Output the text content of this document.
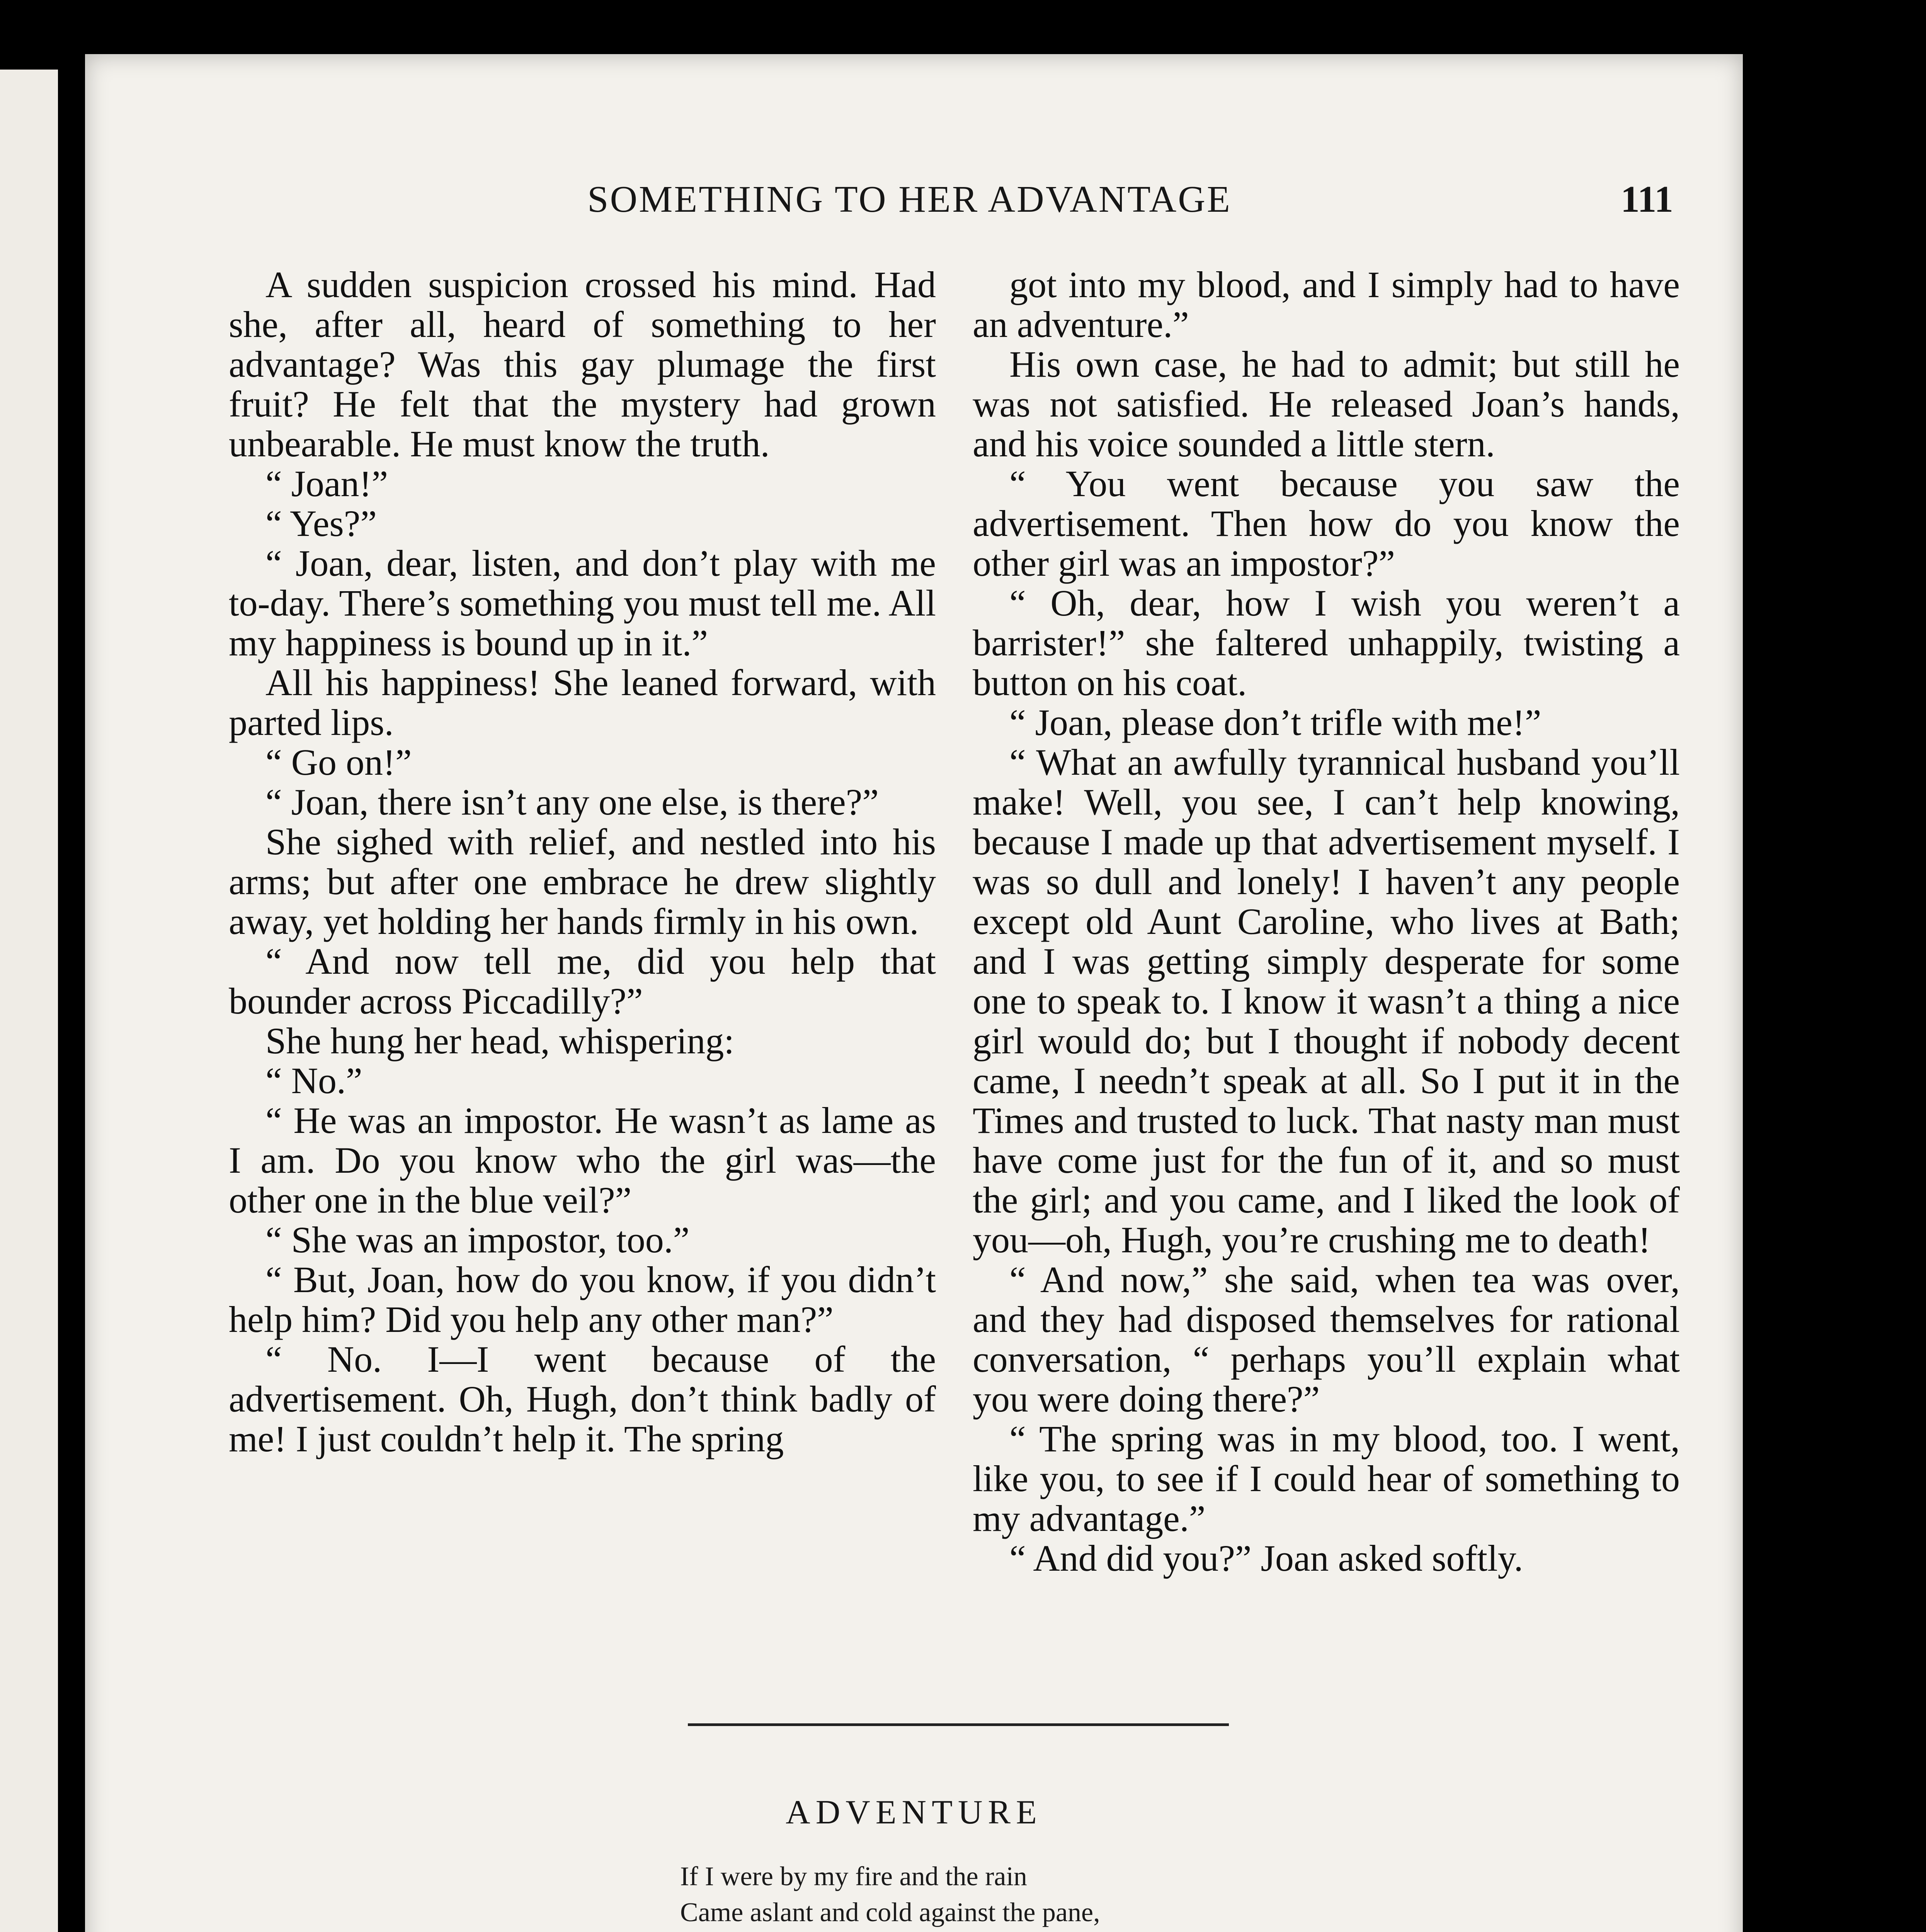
SOMETHING TO HER ADVANTAGE	111

A sudden suspicion crossed his mind. Had she, after all, heard of something to her advantage? Was this gay plumage the first fruit? He felt that the mystery had grown unbearable. He must know the truth.

“ Joan!”

“ Yes?”

“ Joan, dear, listen, and don’t play with me to-day. There’s something you must tell me. All my happiness is bound up in it.”

All his happiness! She leaned forward, with parted lips.

“ Go on!”

“ Joan, there isn’t any one else, is there?”

She sighed with relief, and nestled into his arms; but after one embrace he drew slightly away, yet holding her hands firmly in his own.

“ And now tell me, did you help that bounder across Piccadilly?”

She hung her head, whispering:

“ No.”

“ He was an impostor. He wasn’t as lame as I am. Do you know who the girl was—the other one in the blue veil?”

“ She was an impostor, too.”

“ But, Joan, how do you know, if you didn’t help him? Did you help any other man?”

“ No. I—I went because of the advertisement. Oh, Hugh, don’t think badly of me! I just couldn’t help it. The spring

got into my blood, and I simply had to have an adventure.”

His own case, he had to admit; but still he was not satisfied. He released Joan’s hands, and his voice sounded a little stern.

“ You went because you saw the advertisement. Then how do you know the other girl was an impostor?”

“ Oh, dear, how I wish you weren’t a barrister!” she faltered unhappily, twisting a button on his coat.

“ Joan, please don’t trifle with me!”

“ What an awfully tyrannical husband you’ll make! Well, you see, I can’t help knowing, because I made up that advertisement myself. I was so dull and lonely! I haven’t any people except old Aunt Caroline, who lives at Bath; and I was getting simply desperate for some one to speak to. I know it wasn’t a thing a nice girl would do; but I thought if nobody decent came, I needn’t speak at all. So I put it in the Times and trusted to luck. That nasty man must have come just for the fun of it, and so must the girl; and you came, and I liked the look of you—oh, Hugh, you’re crushing me to death!

“ And now,” she said, when tea was over, and they had disposed themselves for rational conversation, “ perhaps you’ll explain what you were doing there?”

“ The spring was in my blood, too. I went, like you, to see if I could hear of something to my advantage.”

“ And did you?” Joan asked softly.

ADVENTURE
If I were by my fire and the rain
Came aslant and cold against the pane,
